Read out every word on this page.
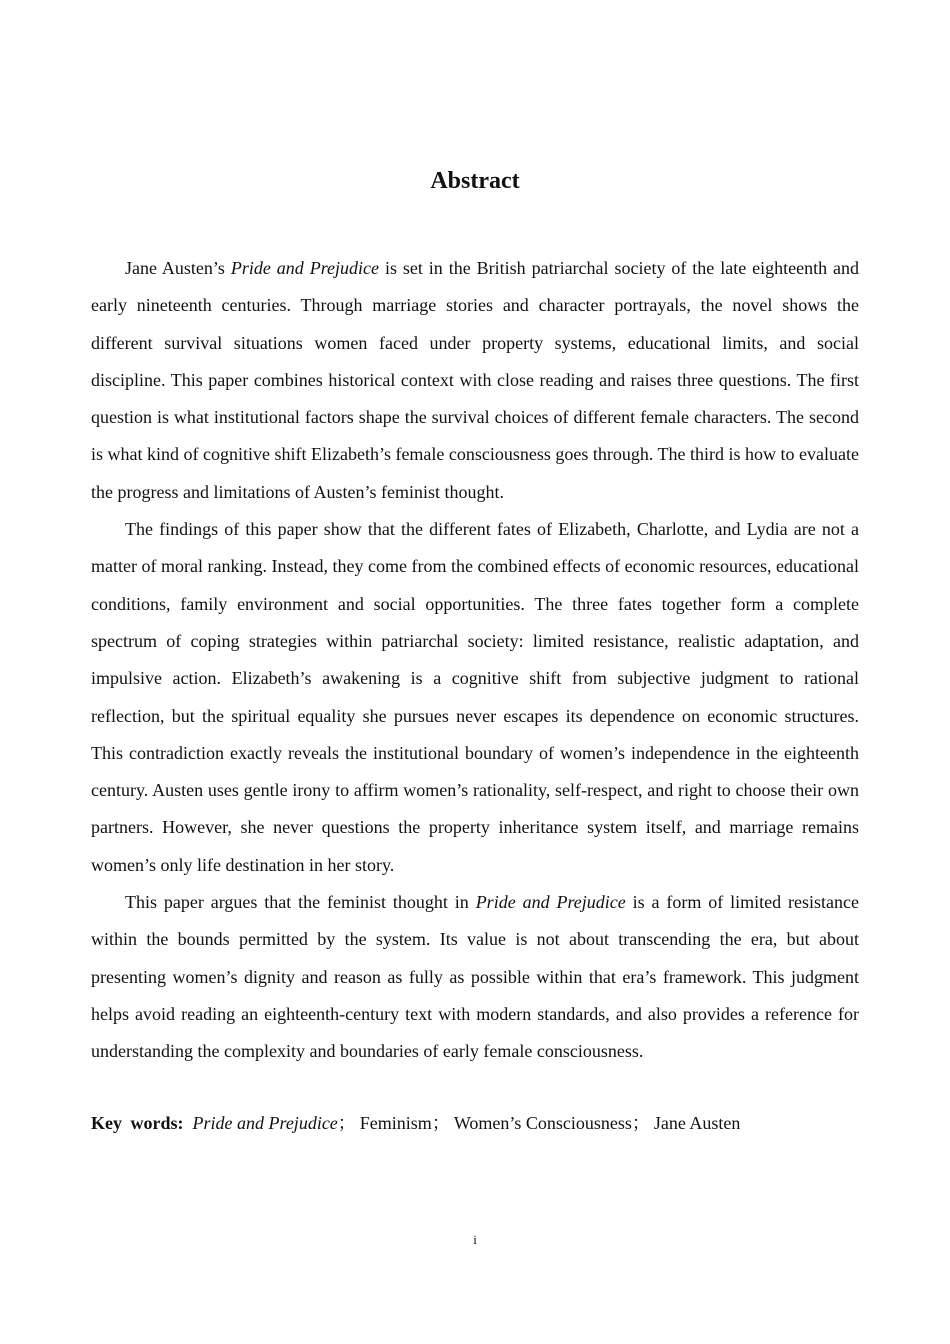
Abstract

Jane Austen’s Pride and Prejudice is set in the British patriarchal society of the late eighteenth and early nineteenth centuries. Through marriage stories and character portrayals, the novel shows the different survival situations women faced under property systems, educational limits, and social discipline. This paper combines historical context with close reading and raises three questions. The first question is what institutional factors shape the survival choices of different female characters. The second is what kind of cognitive shift Elizabeth’s female consciousness goes through. The third is how to evaluate the progress and limitations of Austen’s feminist thought.

The findings of this paper show that the different fates of Elizabeth, Charlotte, and Lydia are not a matter of moral ranking. Instead, they come from the combined effects of economic resources, educational conditions, family environment and social opportunities. The three fates together form a complete spectrum of coping strategies within patriarchal society: limited resistance, realistic adaptation, and impulsive action. Elizabeth’s awakening is a cognitive shift from subjective judgment to rational reflection, but the spiritual equality she pursues never escapes its dependence on economic structures. This contradiction exactly reveals the institutional boundary of women’s independence in the eighteenth century. Austen uses gentle irony to affirm women’s rationality, self-respect, and right to choose their own partners. However, she never questions the property inheritance system itself, and marriage remains women’s only life destination in her story.

This paper argues that the feminist thought in Pride and Prejudice is a form of limited resistance within the bounds permitted by the system. Its value is not about transcending the era, but about presenting women’s dignity and reason as fully as possible within that era’s framework. This judgment helps avoid reading an eighteenth-century text with modern standards, and also provides a reference for understanding the complexity and boundaries of early female consciousness.

Key words: Pride and Prejudice； Feminism； Women’s Consciousness； Jane Austen

i
